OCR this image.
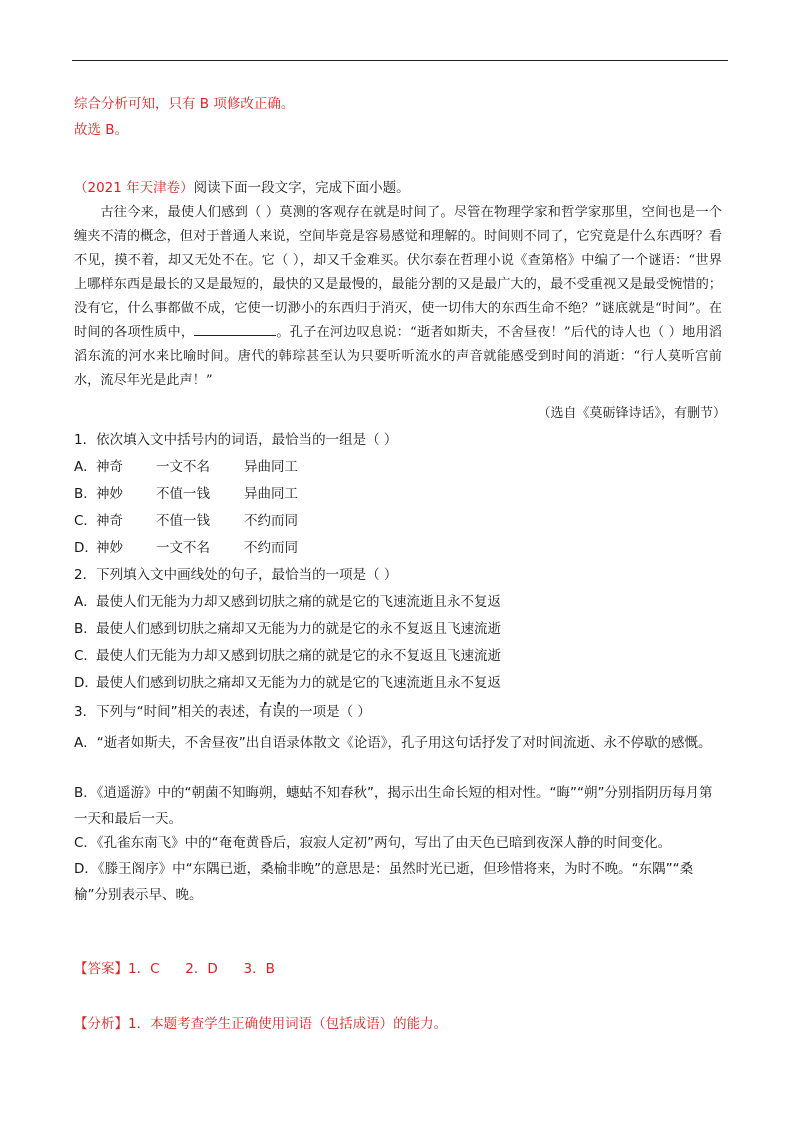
综合分析可知，只有 B 项修改正确。
故选 B。
（2021 年天津卷）阅读下面一段文字，完成下面小题。

古往今来，最使人们感到（ ）莫测的客观存在就是时间了。尽管在物理学家和哲学家那里，空间也是一个缠夹不清的概念，但对于普通人来说，空间毕竟是容易感觉和理解的。时间则不同了，它究竟是什么东西呀？看不见，摸不着，却又无处不在。它（ ），却又千金难买。伏尔泰在哲理小说《查第格》中编了一个谜语：“世界上哪样东西是最长的又是最短的，最快的又是最慢的，最能分割的又是最广大的，最不受重视又是最受惋惜的；没有它，什么事都做不成，它使一切渺小的东西归于消灭，使一切伟大的东西生命不绝？”谜底就是“时间”。在时间的各项性质中，	。孔子在河边叹息说：“逝者如斯夫，不舍昼夜！”后代的诗人也（ ）地用滔滔东流的河水来比喻时间。唐代的韩琮甚至认为只要听听流水的声音就能感受到时间的消逝：“行人莫听宫前水，流尽年光是此声！”

（选自《莫砺锋诗话》，有删节）
1．依次填入文中括号内的词语，最恰当的一组是（ ）
A．神奇 一文不名	异曲同工
B．神妙 不值一钱	异曲同工
C．神奇 不值一钱	不约而同
D．神妙 一文不名	不约而同
2．下列填入文中画线处的句子，最恰当的一项是（ ）
A．最使人们无能为力却又感到切肤之痛的就是它的飞速流逝且永不复返
B．最使人们感到切肤之痛却又无能为力的就是它的永不复返且飞速流逝
C．最使人们无能为力却又感到切肤之痛的就是它的永不复返且飞速流逝
D．最使人们感到切肤之痛却又无能为力的就是它的飞速流逝且永不复返
3．下列与“时间”相关的表述，有误的一项是（ ）
A．“逝者如斯夫，不舍昼夜”出自语录体散文《论语》，孔子用这句话抒发了对时间流逝、永不停歇的感慨。
B．《逍遥游》中的“朝菌不知晦朔，蟪蛄不知春秋”，揭示出生命长短的相对性。“晦”“朔”分别指阴历每月第一天和最后一天。
C．《孔雀东南飞》中的“奄奄黄昏后，寂寂人定初”两句，写出了由天色已暗到夜深人静的时间变化。
D．《滕王阁序》中“东隅已逝，桑榆非晚”的意思是：虽然时光已逝，但珍惜将来，为时不晚。“东隅”“桑榆”分别表示早、晚。
【答案】1．C      2．D      3．B
【分析】1．本题考查学生正确使用词语（包括成语）的能力。
